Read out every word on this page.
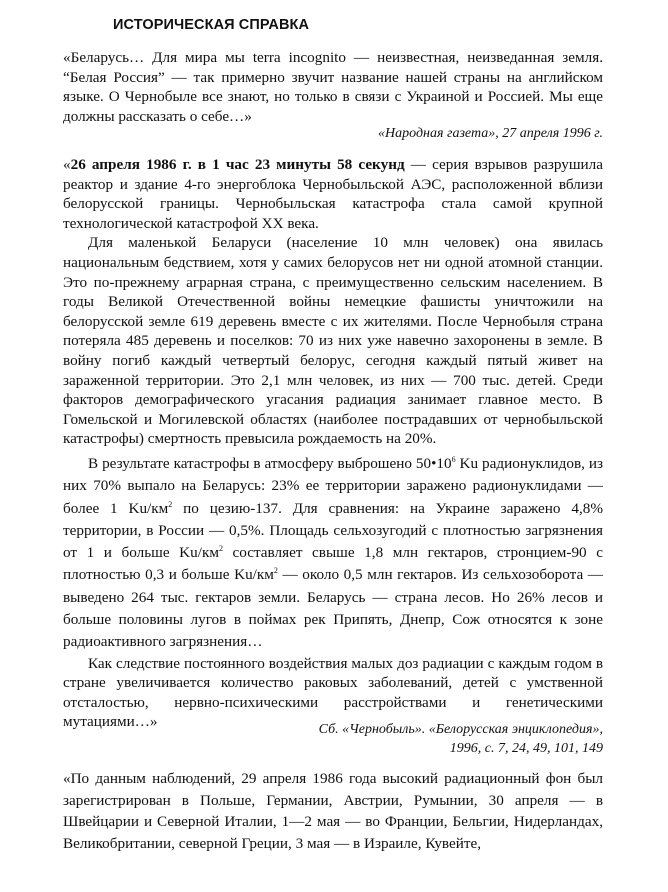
ИСТОРИЧЕСКАЯ СПРАВКА

«Беларусь… Для мира мы terra incognito — неизвестная, неизведанная земля. “Белая Россия” — так примерно звучит название нашей страны на английском языке. О Чернобыле все знают, но только в связи с Украиной и Россией. Мы еще должны рассказать о себе…»

«Народная газета», 27 апреля 1996 г.

«26 апреля 1986 г. в 1 час 23 минуты 58 секунд — серия взрывов разрушила реактор и здание 4-го энергоблока Чернобыльской АЭС, расположенной вблизи белорусской границы. Чернобыльская катастрофа стала самой крупной технологической катастрофой XX века.

Для маленькой Беларуси (население 10 млн человек) она явилась национальным бедствием, хотя у самих белорусов нет ни одной атомной станции. Это по-прежнему аграрная страна, с преимущественно сельским населением. В годы Великой Отечественной войны немецкие фашисты уничтожили на белорусской земле 619 деревень вместе с их жителями. После Чернобыля страна потеряла 485 деревень и поселков: 70 из них уже навечно захоронены в земле. В войну погиб каждый четвертый белорус, сегодня каждый пятый живет на зараженной территории. Это 2,1 млн человек, из них — 700 тыс. детей. Среди факторов демографического угасания радиация занимает главное место. В Гомельской и Могилевской областях (наиболее пострадавших от чернобыльской катастрофы) смертность превысила рождаемость на 20%.

В результате катастрофы в атмосферу выброшено $50•10^6$ Ku радионуклидов, из них 70% выпало на Беларусь: 23% ее территории заражено радионуклидами — более 1 $Ku/км^2$ по цезию-137. Для сравнения: на Украине заражено 4,8% территории, в России — 0,5%. Площадь сельхозугодий с плотностью загрязнения от 1 и больше $Ku/км^2$ составляет свыше 1,8 млн гектаров, стронцием-90 с плотностью 0,3 и больше $Ku/км^2$ — около 0,5 млн гектаров. Из сельхозоборота — выведено 264 тыс. гектаров земли. Беларусь — страна лесов. Но 26% лесов и больше половины лугов в поймах рек Припять, Днепр, Сож относятся к зоне радиоактивного загрязнения…

Как следствие постоянного воздействия малых доз радиации с каждым годом в стране увеличивается количество раковых заболеваний, детей с умственной отсталостью, нервно-психическими расстройствами и генетическими мутациями…»	Сб. «Чернобыль». «Белорусская энциклопедия»,
1996, с. 7, 24, 49, 101, 149

«По данным наблюдений, 29 апреля 1986 года высокий радиационный фон был зарегистрирован в Польше, Германии, Австрии, Румынии, 30 апреля — в Швейцарии и Северной Италии, 1—2 мая — во Франции, Бельгии, Нидерландах, Великобритании, северной Греции, 3 мая — в Израиле, Кувейте,
